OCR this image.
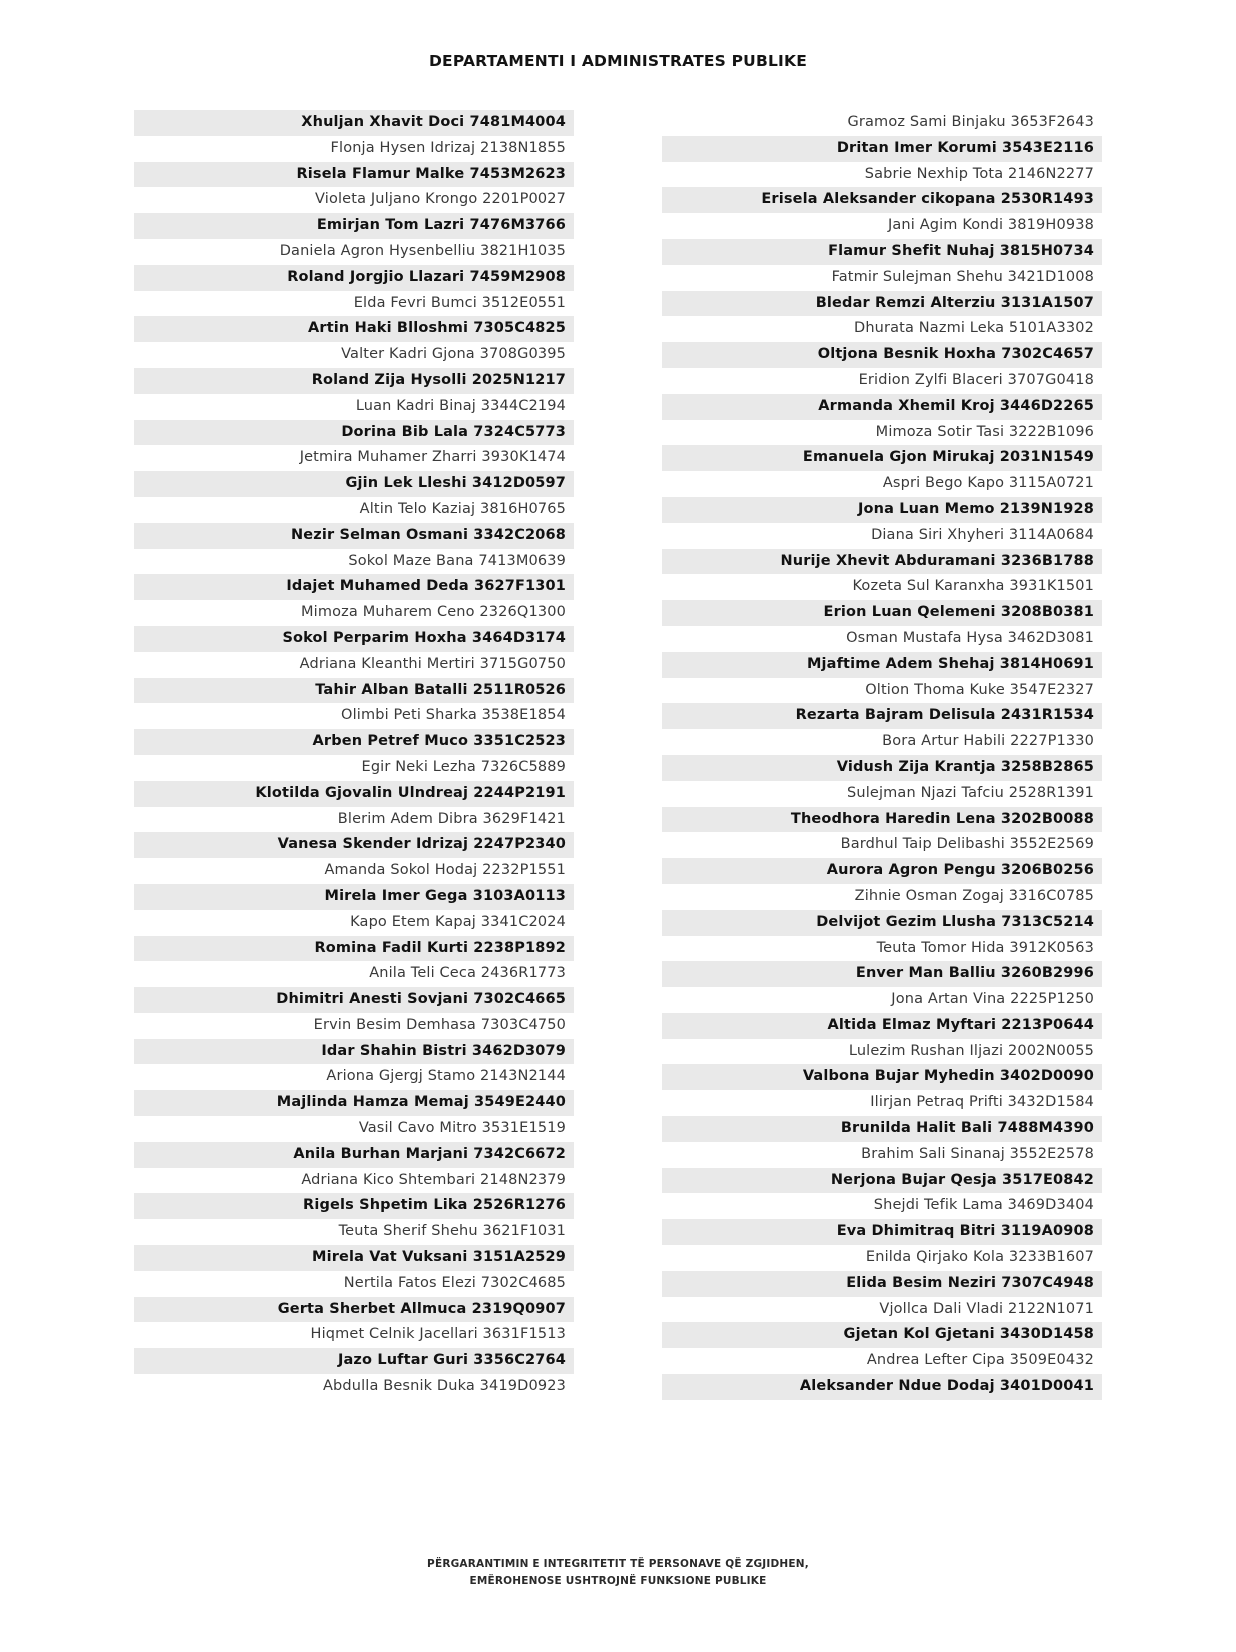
DEPARTAMENTI I ADMINISTRATES PUBLIKE
Xhuljan Xhavit Doci 7481M4004
Flonja Hysen Idrizaj 2138N1855
Risela Flamur Malke 7453M2623
Violeta Juljano Krongo 2201P0027
Emirjan Tom Lazri 7476M3766
Daniela Agron Hysenbelliu 3821H1035
Roland Jorgjio Llazari 7459M2908
Elda Fevri Bumci 3512E0551
Artin Haki Blloshmi 7305C4825
Valter Kadri Gjona 3708G0395
Roland Zija Hysolli 2025N1217
Luan Kadri Binaj 3344C2194
Dorina Bib Lala 7324C5773
Jetmira Muhamer Zharri 3930K1474
Gjin Lek Lleshi 3412D0597
Altin Telo Kaziaj 3816H0765
Nezir Selman Osmani 3342C2068
Sokol Maze Bana 7413M0639
Idajet Muhamed Deda 3627F1301
Mimoza Muharem Ceno 2326Q1300
Sokol Perparim Hoxha 3464D3174
Adriana Kleanthi Mertiri 3715G0750
Tahir Alban Batalli 2511R0526
Olimbi Peti Sharka 3538E1854
Arben Petref Muco 3351C2523
Egir Neki Lezha 7326C5889
Klotilda Gjovalin Ulndreaj 2244P2191
Blerim Adem Dibra 3629F1421
Vanesa Skender Idrizaj 2247P2340
Amanda Sokol Hodaj 2232P1551
Mirela Imer Gega 3103A0113
Kapo Etem Kapaj 3341C2024
Romina Fadil Kurti 2238P1892
Anila Teli Ceca 2436R1773
Dhimitri Anesti Sovjani 7302C4665
Ervin Besim Demhasa 7303C4750
Idar Shahin Bistri 3462D3079
Ariona Gjergj Stamo 2143N2144
Majlinda Hamza Memaj 3549E2440
Vasil Cavo Mitro 3531E1519
Anila Burhan Marjani 7342C6672
Adriana Kico Shtembari 2148N2379
Rigels Shpetim Lika 2526R1276
Teuta Sherif Shehu 3621F1031
Mirela Vat Vuksani 3151A2529
Nertila Fatos Elezi 7302C4685
Gerta Sherbet Allmuca 2319Q0907
Hiqmet Celnik Jacellari 3631F1513
Jazo Luftar Guri 3356C2764
Abdulla Besnik Duka 3419D0923
Gramoz Sami Binjaku 3653F2643
Dritan Imer Korumi 3543E2116
Sabrie Nexhip Tota 2146N2277
Erisela Aleksander cikopana 2530R1493
Jani Agim Kondi 3819H0938
Flamur Shefit Nuhaj 3815H0734
Fatmir Sulejman Shehu 3421D1008
Bledar Remzi Alterziu 3131A1507
Dhurata Nazmi Leka 5101A3302
Oltjona Besnik Hoxha 7302C4657
Eridion Zylfi Blaceri 3707G0418
Armanda Xhemil Kroj 3446D2265
Mimoza Sotir Tasi 3222B1096
Emanuela Gjon Mirukaj 2031N1549
Aspri Bego Kapo 3115A0721
Jona Luan Memo 2139N1928
Diana Siri Xhyheri 3114A0684
Nurije Xhevit Abduramani 3236B1788
Kozeta Sul Karanxha 3931K1501
Erion Luan Qelemeni 3208B0381
Osman Mustafa Hysa 3462D3081
Mjaftime Adem Shehaj 3814H0691
Oltion Thoma Kuke 3547E2327
Rezarta Bajram Delisula 2431R1534
Bora Artur Habili 2227P1330
Vidush Zija Krantja 3258B2865
Sulejman Njazi Tafciu 2528R1391
Theodhora Haredin Lena 3202B0088
Bardhul Taip Delibashi 3552E2569
Aurora Agron Pengu 3206B0256
Zihnie Osman Zogaj 3316C0785
Delvijot Gezim Llusha 7313C5214
Teuta Tomor Hida 3912K0563
Enver Man Balliu 3260B2996
Jona Artan Vina 2225P1250
Altida Elmaz Myftari 2213P0644
Lulezim Rushan Iljazi 2002N0055
Valbona Bujar Myhedin 3402D0090
Ilirjan Petraq Prifti 3432D1584
Brunilda Halit Bali 7488M4390
Brahim Sali Sinanaj 3552E2578
Nerjona Bujar Qesja 3517E0842
Shejdi Tefik Lama 3469D3404
Eva Dhimitraq Bitri 3119A0908
Enilda Qirjako Kola 3233B1607
Elida Besim Neziri 7307C4948
Vjollca Dali Vladi 2122N1071
Gjetan Kol Gjetani 3430D1458
Andrea Lefter Cipa 3509E0432
Aleksander Ndue Dodaj 3401D0041
PËRGARANTIMIN E INTEGRITETIT TË PERSONAVE QË ZGJIDHEN,
EMËROHENOSE USHTROJNË FUNKSIONE PUBLIKE
